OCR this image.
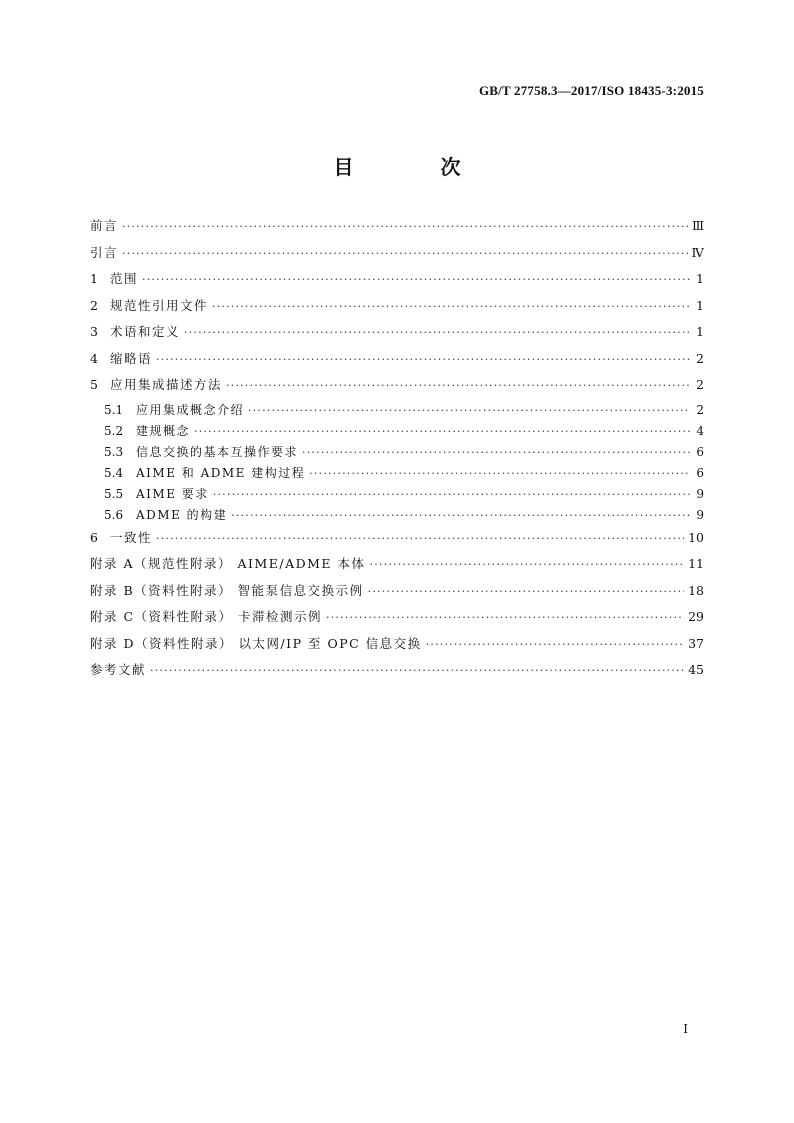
GB/T 27758.3—2017/ISO 18435-3:2015
目 次
前言 ·····	Ⅲ
引言 ·····	Ⅳ
1 范围 ·····	1
2 规范性引用文件 ·····	1
3 术语和定义 ·····	1
4 缩略语 ·····	2
5 应用集成描述方法 ·····	2
5.1	应用集成概念介绍 ·····	2
5.2	建规概念 ·····	4
5.3	信息交换的基本互操作要求 ·····	6
5.4	AIME 和 ADME 建构过程 ·····	6
5.5	AIME 要求 ·····	9
5.6	ADME 的构建 ·····	9
6 一致性 ·····	10
附录 A（规范性附录） AIME/ADME 本体 ·····	11
附录 B（资料性附录） 智能泵信息交换示例 ·····	18
附录 C（资料性附录） 卡滞检测示例 ·····	29
附录 D（资料性附录） 以太网/IP 至 OPC 信息交换 ·····	37
参考文献 ·····	45
I
